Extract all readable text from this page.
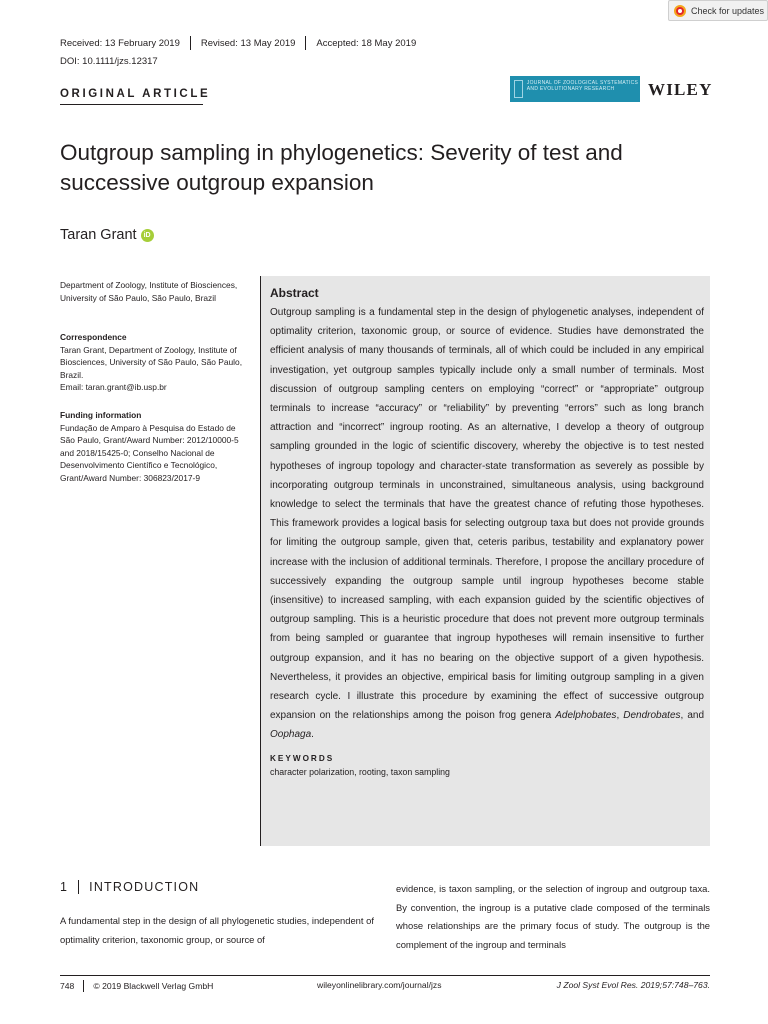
Check for updates
Received: 13 February 2019 Revised: 13 May 2019 Accepted: 18 May 2019
DOI: 10.1111/jzs.12317
ORIGINAL ARTICLE
JOURNAL OF ZOOLOGICAL SYSTEMATICS AND EVOLUTIONARY RESEARCH	WILEY
Outgroup sampling in phylogenetics: Severity of test and successive outgroup expansion
Taran Grant	iD
Department of Zoology, Institute of Biosciences, University of São Paulo, São Paulo, Brazil
Correspondence
Taran Grant, Department of Zoology, Institute of Biosciences, University of São Paulo, São Paulo, Brazil.
Email: taran.grant@ib.usp.br
Funding information
Fundação de Amparo à Pesquisa do Estado de São Paulo, Grant/Award Number: 2012/10000-5 and 2018/15425-0; Conselho Nacional de Desenvolvimento Científico e Tecnológico, Grant/Award Number: 306823/2017-9
Abstract

Outgroup sampling is a fundamental step in the design of phylogenetic analyses, independent of optimality criterion, taxonomic group, or source of evidence. Studies have demonstrated the efficient analysis of many thousands of terminals, all of which could be included in any empirical investigation, yet outgroup samples typically include only a small number of terminals. Most discussion of outgroup sampling centers on employing “correct” or “appropriate” outgroup terminals to increase “accuracy” or “reliability” by preventing “errors” such as long branch attraction and “incorrect” ingroup rooting. As an alternative, I develop a theory of outgroup sampling grounded in the logic of scientific discovery, whereby the objective is to test nested hypotheses of ingroup topology and character-state transformation as severely as possible by incorporating outgroup terminals in unconstrained, simultaneous analysis, using background knowledge to select the terminals that have the greatest chance of refuting those hypotheses. This framework provides a logical basis for selecting outgroup taxa but does not provide grounds for limiting the outgroup sample, given that, ceteris paribus, testability and explanatory power increase with the inclusion of additional terminals. Therefore, I propose the ancillary procedure of successively expanding the outgroup sample until ingroup hypotheses become stable (insensitive) to increased sampling, with each expansion guided by the scientific objectives of outgroup sampling. This is a heuristic procedure that does not prevent more outgroup terminals from being sampled or guarantee that ingroup hypotheses will remain insensitive to further outgroup expansion, and it has no bearing on the objective support of a given hypothesis. Nevertheless, it provides an objective, empirical basis for limiting outgroup sampling in a given research cycle. I illustrate this procedure by examining the effect of successive outgroup expansion on the relationships among the poison frog genera Adelphobates, Dendrobates, and Oophaga.

KEYWORDS
character polarization, rooting, taxon sampling
1 INTRODUCTION

A fundamental step in the design of all phylogenetic studies, independent of optimality criterion, taxonomic group, or source of

evidence, is taxon sampling, or the selection of ingroup and outgroup taxa. By convention, the ingroup is a putative clade composed of the terminals whose relationships are the primary focus of study. The outgroup is the complement of the ingroup and terminals

748 © 2019 Blackwell Verlag GmbH	wileyonlinelibrary.com/journal/jzs	J Zool Syst Evol Res. 2019;57:748–763.
